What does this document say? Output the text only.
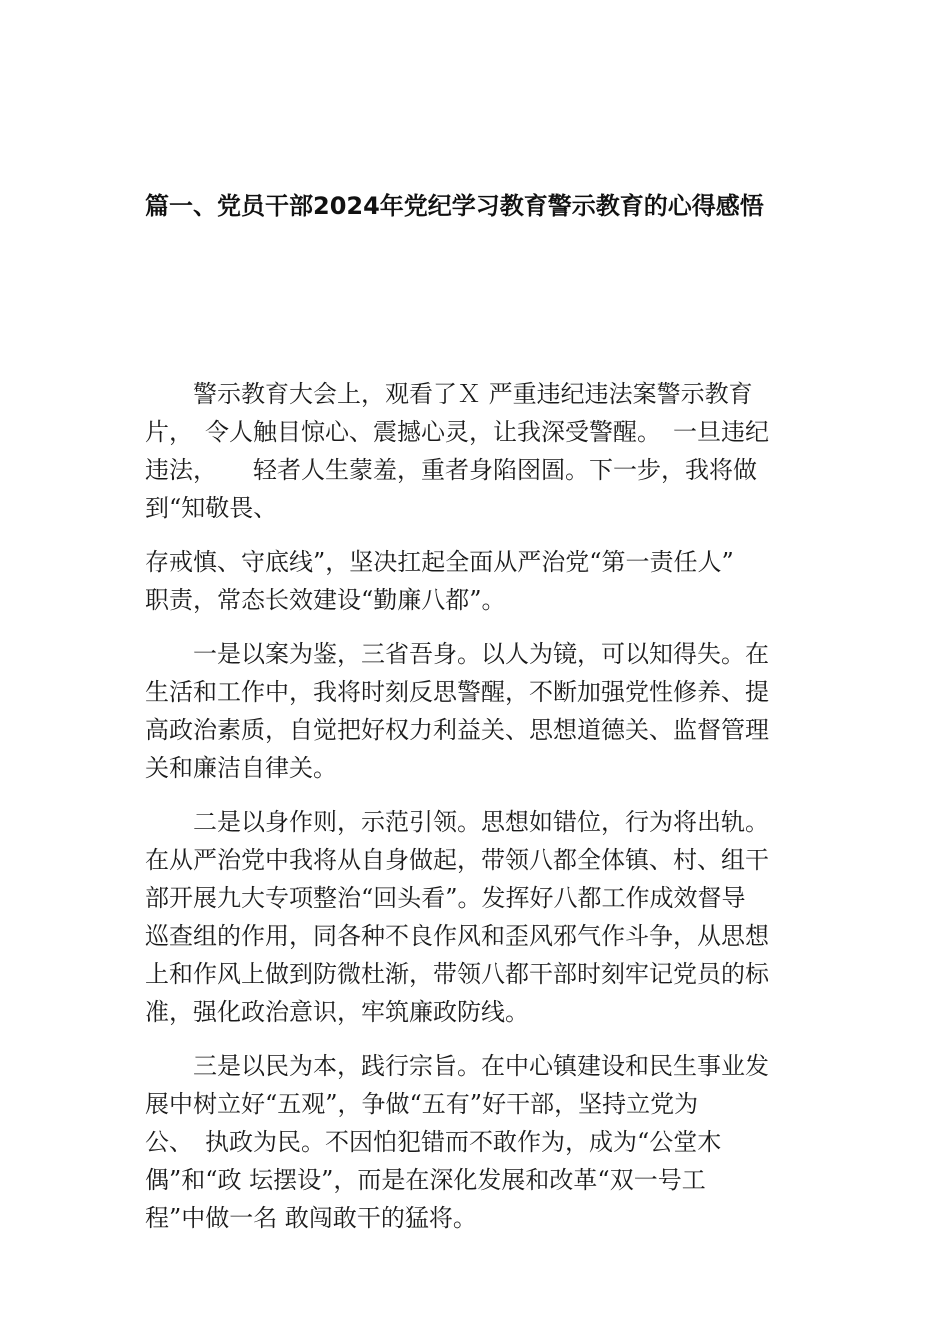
篇一、党员干部2024年党纪学习教育警示教育的心得感悟
　　警示教育大会上，观看了Ｘ 严重违纪违法案警示教育
片，　令人触目惊心、震撼心灵，让我深受警醒。　一旦违纪
违法，　　轻者人生蒙羞，重者身陷囹圄。下一步，我将做
到“知敬畏、
存戒慎、守底线”，坚决扛起全面从严治党“第一责任人”
职责，常态长效建设“勤廉八都”。
　　一是以案为鉴，三省吾身。以人为镜，可以知得失。在
生活和工作中，我将时刻反思警醒，不断加强党性修养、提
高政治素质，自觉把好权力利益关、思想道德关、监督管理
关和廉洁自律关。
　　二是以身作则，示范引领。思想如错位，行为将出轨。
在从严治党中我将从自身做起，带领八都全体镇、村、组干
部开展九大专项整治“回头看”。发挥好八都工作成效督导
巡查组的作用，同各种不良作风和歪风邪气作斗争，从思想
上和作风上做到防微杜渐，带领八都干部时刻牢记党员的标
准，强化政治意识，牢筑廉政防线。
　　三是以民为本，践行宗旨。在中心镇建设和民生事业发
展中树立好“五观”，争做“五有”好干部，坚持立党为
公、　执政为民。不因怕犯错而不敢作为，成为“公堂木
偶”和“政 坛摆设”，而是在深化发展和改革“双一号工
程”中做一名 敢闯敢干的猛将。
